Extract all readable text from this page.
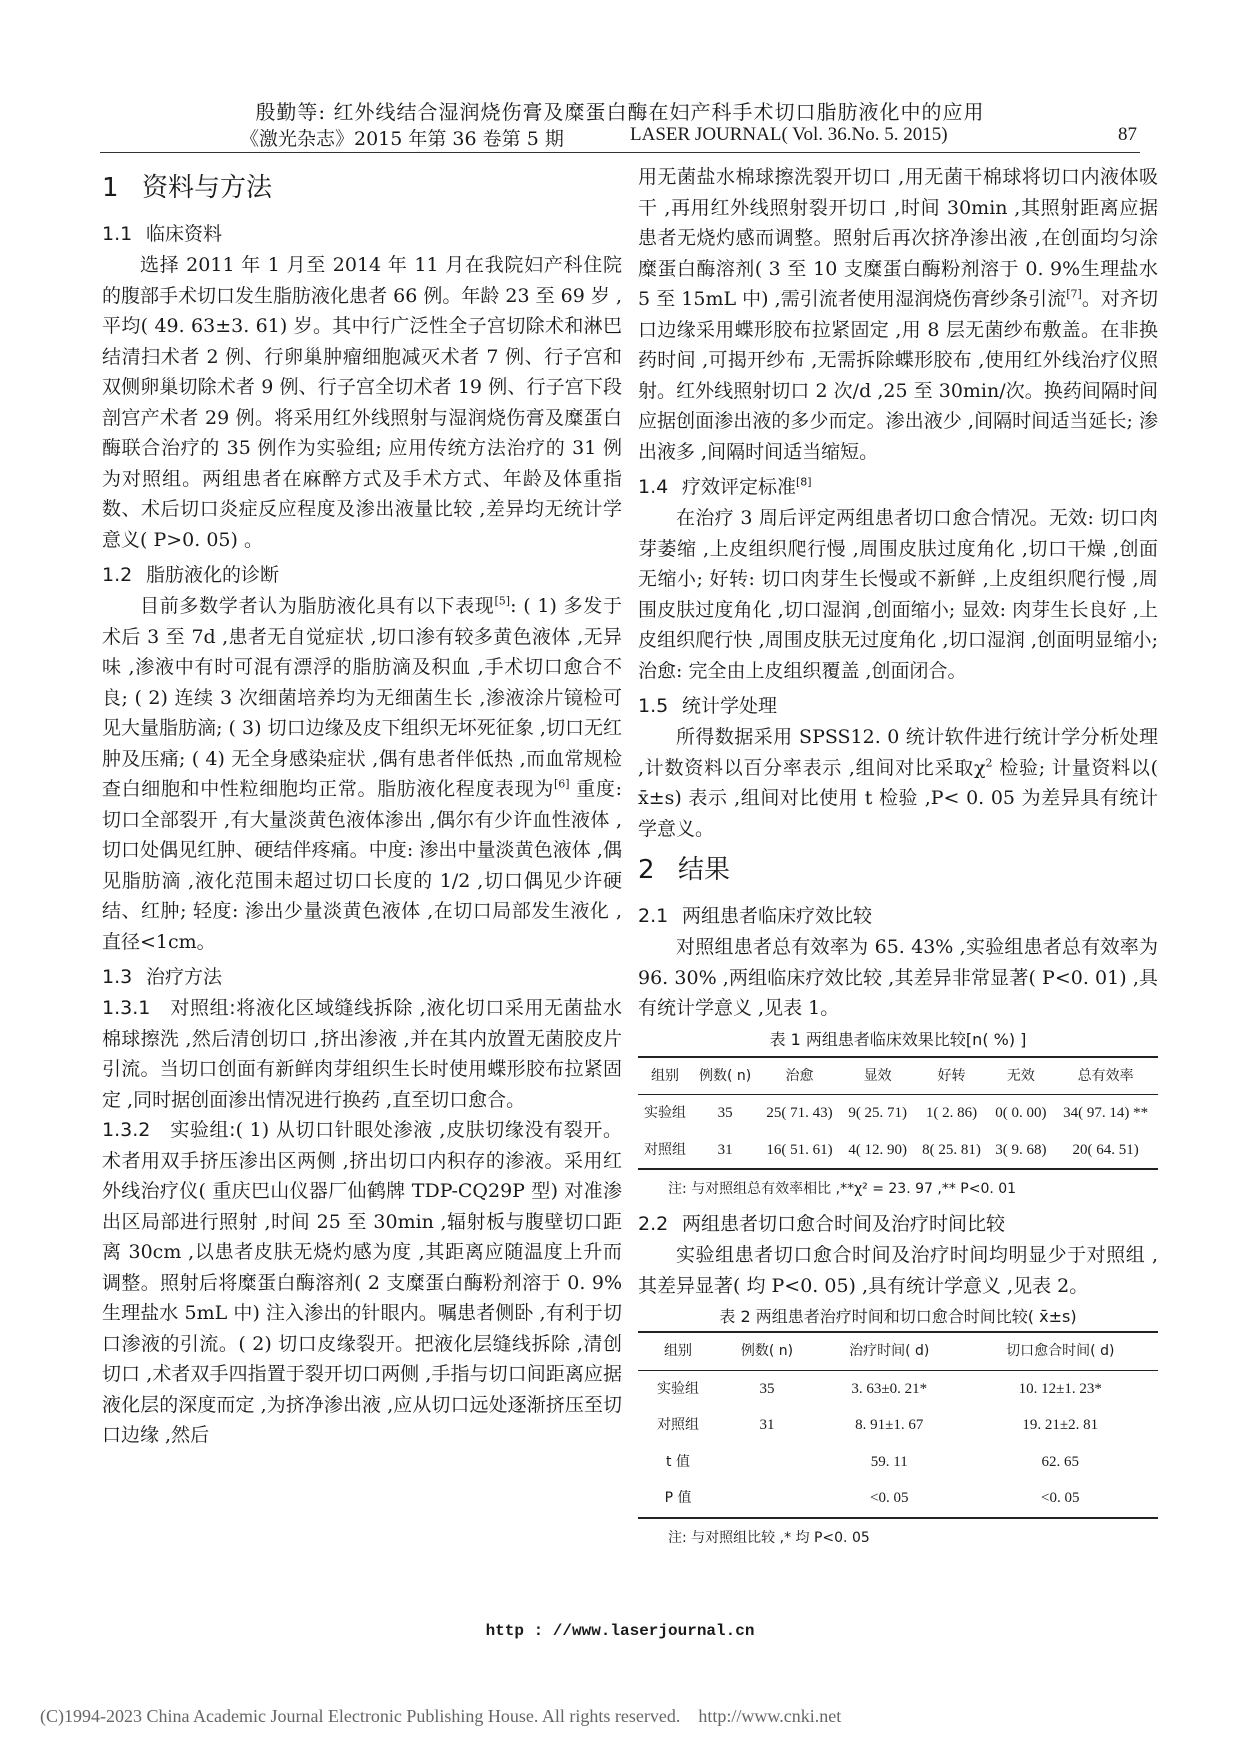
殷勤等: 红外线结合湿润烧伤膏及糜蛋白酶在妇产科手术切口脂肪液化中的应用
《激光杂志》2015 年第 36 卷第 5 期	LASER JOURNAL( Vol. 36.No. 5. 2015)	87
1 资料与方法
1.1 临床资料

选择 2011 年 1 月至 2014 年 11 月在我院妇产科住院的腹部手术切口发生脂肪液化患者 66 例。年龄 23 至 69 岁 ,平均( 49. 63±3. 61) 岁。其中行广泛性全子宫切除术和淋巴结清扫术者 2 例、行卵巢肿瘤细胞减灭术者 7 例、行子宫和双侧卵巢切除术者 9 例、行子宫全切术者 19 例、行子宫下段剖宫产术者 29 例。将采用红外线照射与湿润烧伤膏及糜蛋白酶联合治疗的 35 例作为实验组; 应用传统方法治疗的 31 例为对照组。两组患者在麻醉方式及手术方式、年龄及体重指数、术后切口炎症反应程度及渗出液量比较 ,差异均无统计学意义( P>0. 05) 。

1.2 脂肪液化的诊断

目前多数学者认为脂肪液化具有以下表现[5]: ( 1) 多发于术后 3 至 7d ,患者无自觉症状 ,切口渗有较多黄色液体 ,无异味 ,渗液中有时可混有漂浮的脂肪滴及积血 ,手术切口愈合不良; ( 2) 连续 3 次细菌培养均为无细菌生长 ,渗液涂片镜检可见大量脂肪滴; ( 3) 切口边缘及皮下组织无坏死征象 ,切口无红肿及压痛; ( 4) 无全身感染症状 ,偶有患者伴低热 ,而血常规检查白细胞和中性粒细胞均正常。脂肪液化程度表现为[6] 重度: 切口全部裂开 ,有大量淡黄色液体渗出 ,偶尔有少许血性液体 ,切口处偶见红肿、硬结伴疼痛。中度: 渗出中量淡黄色液体 ,偶见脂肪滴 ,液化范围未超过切口长度的 1/2 ,切口偶见少许硬结、红肿; 轻度: 渗出少量淡黄色液体 ,在切口局部发生液化 ,直径<1cm。

1.3 治疗方法

1.3.1 对照组:将液化区域缝线拆除 ,液化切口采用无菌盐水棉球擦洗 ,然后清创切口 ,挤出渗液 ,并在其内放置无菌胶皮片引流。当切口创面有新鲜肉芽组织生长时使用蝶形胶布拉紧固定 ,同时据创面渗出情况进行换药 ,直至切口愈合。

1.3.2 实验组:( 1) 从切口针眼处渗液 ,皮肤切缘没有裂开。术者用双手挤压渗出区两侧 ,挤出切口内积存的渗液。采用红外线治疗仪( 重庆巴山仪器厂仙鹤牌 TDP-CQ29P 型) 对准渗出区局部进行照射 ,时间 25 至 30min ,辐射板与腹壁切口距离 30cm ,以患者皮肤无烧灼感为度 ,其距离应随温度上升而调整。照射后将糜蛋白酶溶剂( 2 支糜蛋白酶粉剂溶于 0. 9%生理盐水 5mL 中) 注入渗出的针眼内。嘱患者侧卧 ,有利于切口渗液的引流。( 2) 切口皮缘裂开。把液化层缝线拆除 ,清创切口 ,术者双手四指置于裂开切口两侧 ,手指与切口间距离应据液化层的深度而定 ,为挤净渗出液 ,应从切口远处逐渐挤压至切口边缘 ,然后

用无菌盐水棉球擦洗裂开切口 ,用无菌干棉球将切口内液体吸干 ,再用红外线照射裂开切口 ,时间 30min ,其照射距离应据患者无烧灼感而调整。照射后再次挤净渗出液 ,在创面均匀涂糜蛋白酶溶剂( 3 至 10 支糜蛋白酶粉剂溶于 0. 9%生理盐水 5 至 15mL 中) ,需引流者使用湿润烧伤膏纱条引流[7]。对齐切口边缘采用蝶形胶布拉紧固定 ,用 8 层无菌纱布敷盖。在非换药时间 ,可揭开纱布 ,无需拆除蝶形胶布 ,使用红外线治疗仪照射。红外线照射切口 2 次/d ,25 至 30min/次。换药间隔时间应据创面渗出液的多少而定。渗出液少 ,间隔时间适当延长; 渗出液多 ,间隔时间适当缩短。

1.4 疗效评定标准[8]

在治疗 3 周后评定两组患者切口愈合情况。无效: 切口肉芽萎缩 ,上皮组织爬行慢 ,周围皮肤过度角化 ,切口干燥 ,创面无缩小; 好转: 切口肉芽生长慢或不新鲜 ,上皮组织爬行慢 ,周围皮肤过度角化 ,切口湿润 ,创面缩小; 显效: 肉芽生长良好 ,上皮组织爬行快 ,周围皮肤无过度角化 ,切口湿润 ,创面明显缩小; 治愈: 完全由上皮组织覆盖 ,创面闭合。

1.5 统计学处理

所得数据采用 SPSS12. 0 统计软件进行统计学分析处理 ,计数资料以百分率表示 ,组间对比采取$\chi^2$ 检验; 计量资料以( x̄±s) 表示 ,组间对比使用 t 检验 ,P< 0. 05 为差异具有统计学意义。

2 结果
2.1 两组患者临床疗效比较

对照组患者总有效率为 65. 43% ,实验组患者总有效率为 96. 30% ,两组临床疗效比较 ,其差异非常显著( P<0. 01) ,具有统计学意义 ,见表 1。

表 1 两组患者临床效果比较[n( %) ]
组别	例数( n)	治愈	显效	好转	无效	总有效率
实验组	35	25( 71. 43)	9( 25. 71)	1( 2. 86)	0( 0. 00)	34( 97. 14) **
对照组	31	16( 51. 61)	4( 12. 90)	8( 25. 81)	3( 9. 68)	20( 64. 51)
注: 与对照组总有效率相比 ,**χ² = 23. 97 ,** P<0. 01
2.2 两组患者切口愈合时间及治疗时间比较

实验组患者切口愈合时间及治疗时间均明显少于对照组 ,其差异显著( 均 P<0. 05) ,具有统计学意义 ,见表 2。

表 2 两组患者治疗时间和切口愈合时间比较( x̄±s)
组别	例数( n)	治疗时间( d)	切口愈合时间( d)
实验组	35	3. 63±0. 21*	10. 12±1. 23*
对照组	31	8. 91±1. 67	19. 21±2. 81
t 值		59. 11	62. 65
P 值		<0. 05	<0. 05
注: 与对照组比较 ,* 均 P<0. 05
http : //www.laserjournal.cn
(C)1994-2023 China Academic Journal Electronic Publishing House. All rights reserved. http://www.cnki.net
